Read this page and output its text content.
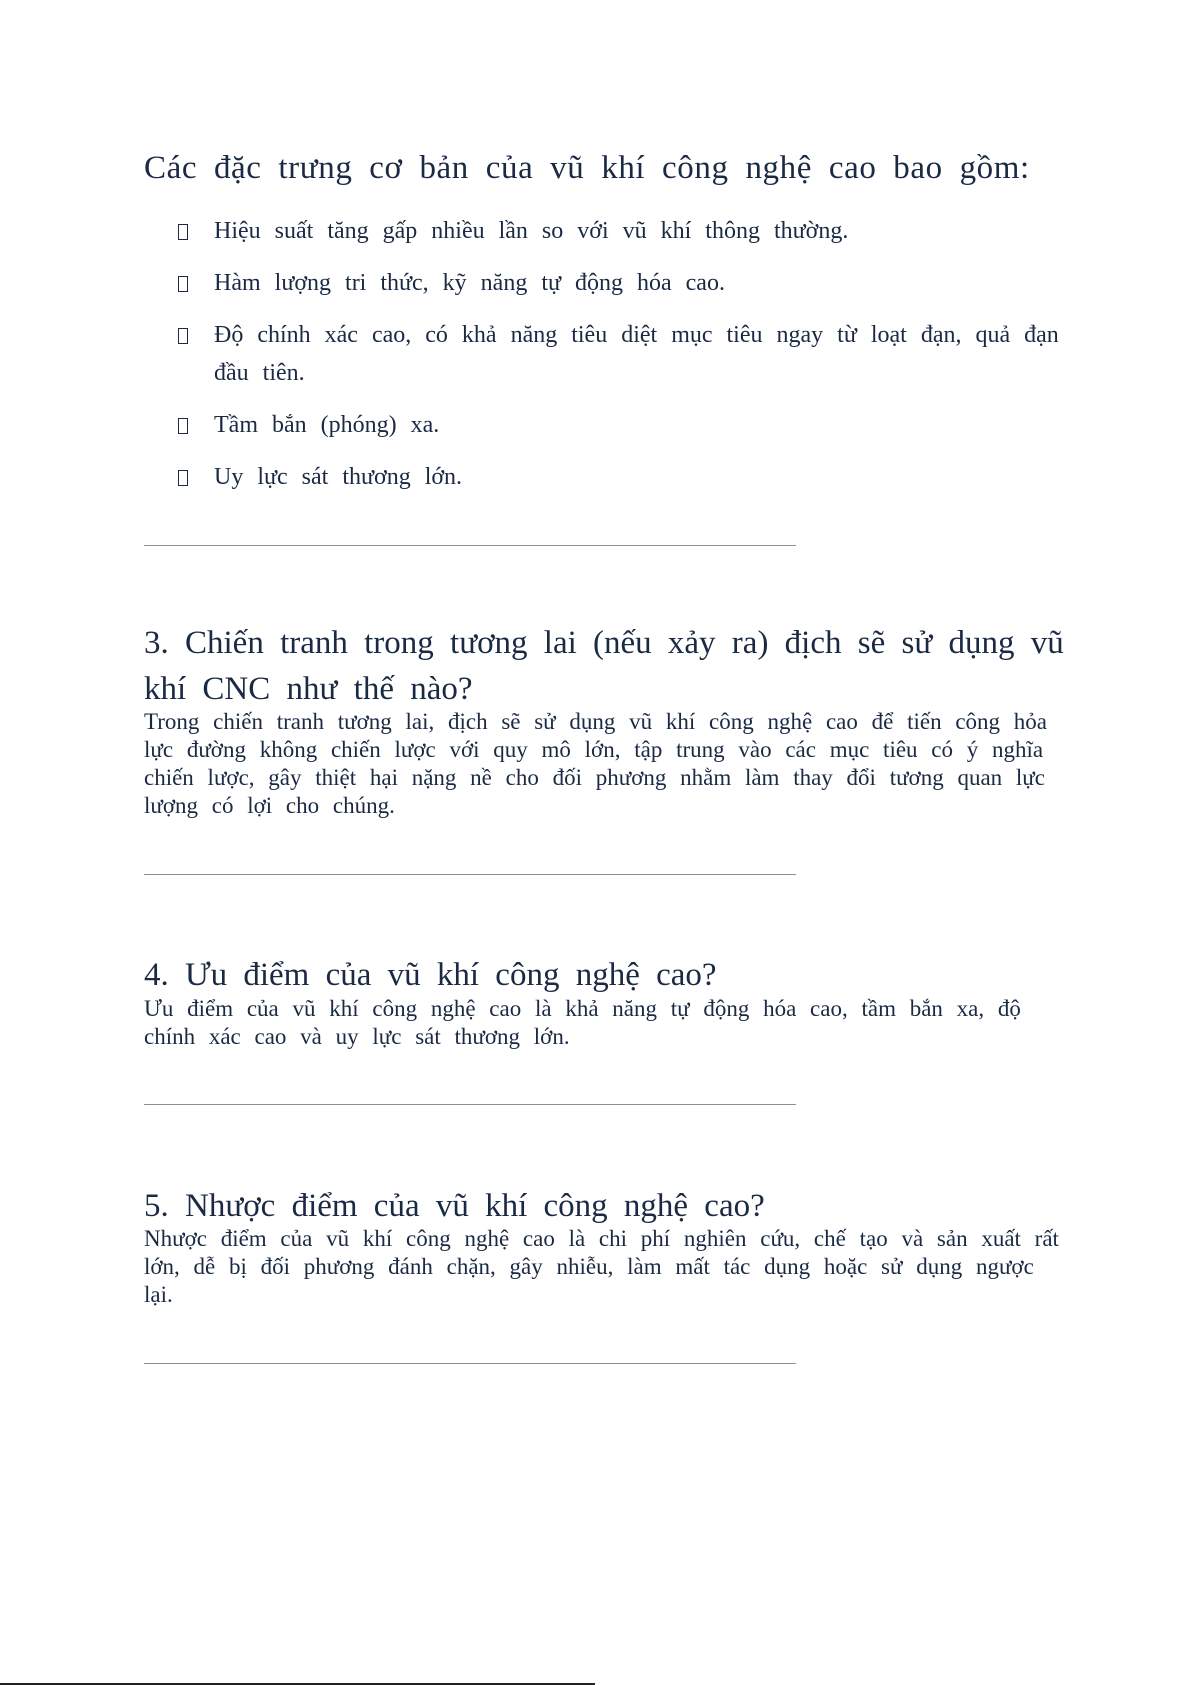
Các đặc trưng cơ bản của vũ khí công nghệ cao bao gồm:
Hiệu suất tăng gấp nhiều lần so với vũ khí thông thường.
Hàm lượng tri thức, kỹ năng tự động hóa cao.
Độ chính xác cao, có khả năng tiêu diệt mục tiêu ngay từ loạt đạn, quả đạn đầu tiên.
Tầm bắn (phóng) xa.
Uy lực sát thương lớn.
3. Chiến tranh trong tương lai (nếu xảy ra) địch sẽ sử dụng vũ khí CNC như thế nào?

Trong chiến tranh tương lai, địch sẽ sử dụng vũ khí công nghệ cao để tiến công hỏa lực đường không chiến lược với quy mô lớn, tập trung vào các mục tiêu có ý nghĩa chiến lược, gây thiệt hại nặng nề cho đối phương nhằm làm thay đổi tương quan lực lượng có lợi cho chúng.

4. Ưu điểm của vũ khí công nghệ cao?

Ưu điểm của vũ khí công nghệ cao là khả năng tự động hóa cao, tầm bắn xa, độ chính xác cao và uy lực sát thương lớn.

5. Nhược điểm của vũ khí công nghệ cao?

Nhược điểm của vũ khí công nghệ cao là chi phí nghiên cứu, chế tạo và sản xuất rất lớn, dễ bị đối phương đánh chặn, gây nhiễu, làm mất tác dụng hoặc sử dụng ngược lại.
